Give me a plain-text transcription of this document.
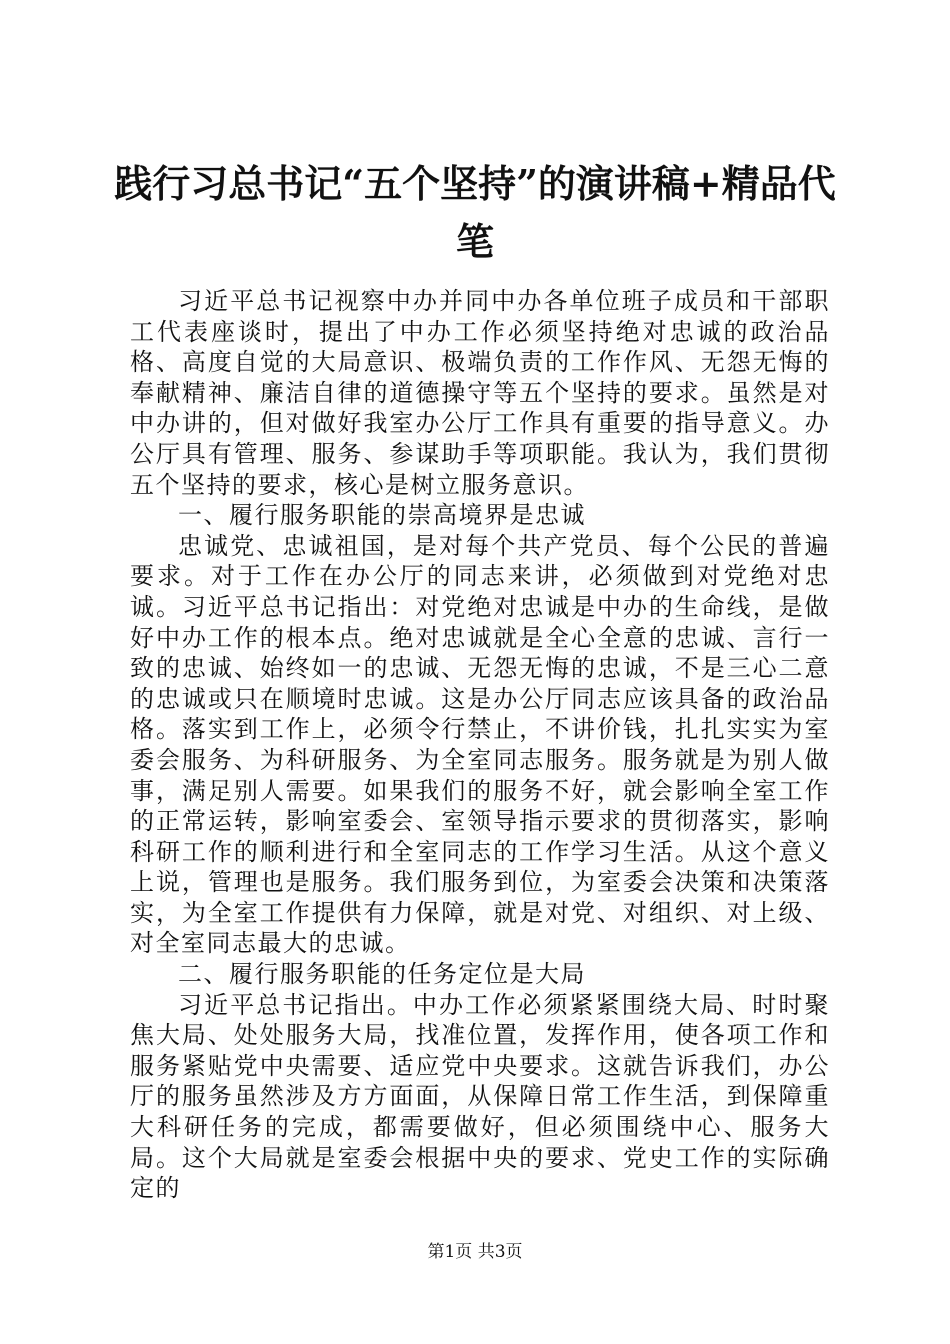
践行习总书记“五个坚持”的演讲稿+精品代笔

习近平总书记视察中办并同中办各单位班子成员和干部职工代表座谈时，提出了中办工作必须坚持绝对忠诚的政治品格、高度自觉的大局意识、极端负责的工作作风、无怨无悔的奉献精神、廉洁自律的道德操守等五个坚持的要求。虽然是对中办讲的，但对做好我室办公厅工作具有重要的指导意义。办公厅具有管理、服务、参谋助手等项职能。我认为，我们贯彻五个坚持的要求，核心是树立服务意识。

一、履行服务职能的崇高境界是忠诚

忠诚党、忠诚祖国，是对每个共产党员、每个公民的普遍要求。对于工作在办公厅的同志来讲，必须做到对党绝对忠诚。习近平总书记指出：对党绝对忠诚是中办的生命线，是做好中办工作的根本点。绝对忠诚就是全心全意的忠诚、言行一致的忠诚、始终如一的忠诚、无怨无悔的忠诚，不是三心二意的忠诚或只在顺境时忠诚。这是办公厅同志应该具备的政治品格。落实到工作上，必须令行禁止，不讲价钱，扎扎实实为室委会服务、为科研服务、为全室同志服务。服务就是为别人做事，满足别人需要。如果我们的服务不好，就会影响全室工作的正常运转，影响室委会、室领导指示要求的贯彻落实，影响科研工作的顺利进行和全室同志的工作学习生活。从这个意义上说，管理也是服务。我们服务到位，为室委会决策和决策落实，为全室工作提供有力保障，就是对党、对组织、对上级、对全室同志最大的忠诚。

二、履行服务职能的任务定位是大局

习近平总书记指出。中办工作必须紧紧围绕大局、时时聚焦大局、处处服务大局，找准位置，发挥作用，使各项工作和服务紧贴党中央需要、适应党中央要求。这就告诉我们，办公厅的服务虽然涉及方方面面，从保障日常工作生活，到保障重大科研任务的完成，都需要做好，但必须围绕中心、服务大局。这个大局就是室委会根据中央的要求、党史工作的实际确定的

第1页 共3页
